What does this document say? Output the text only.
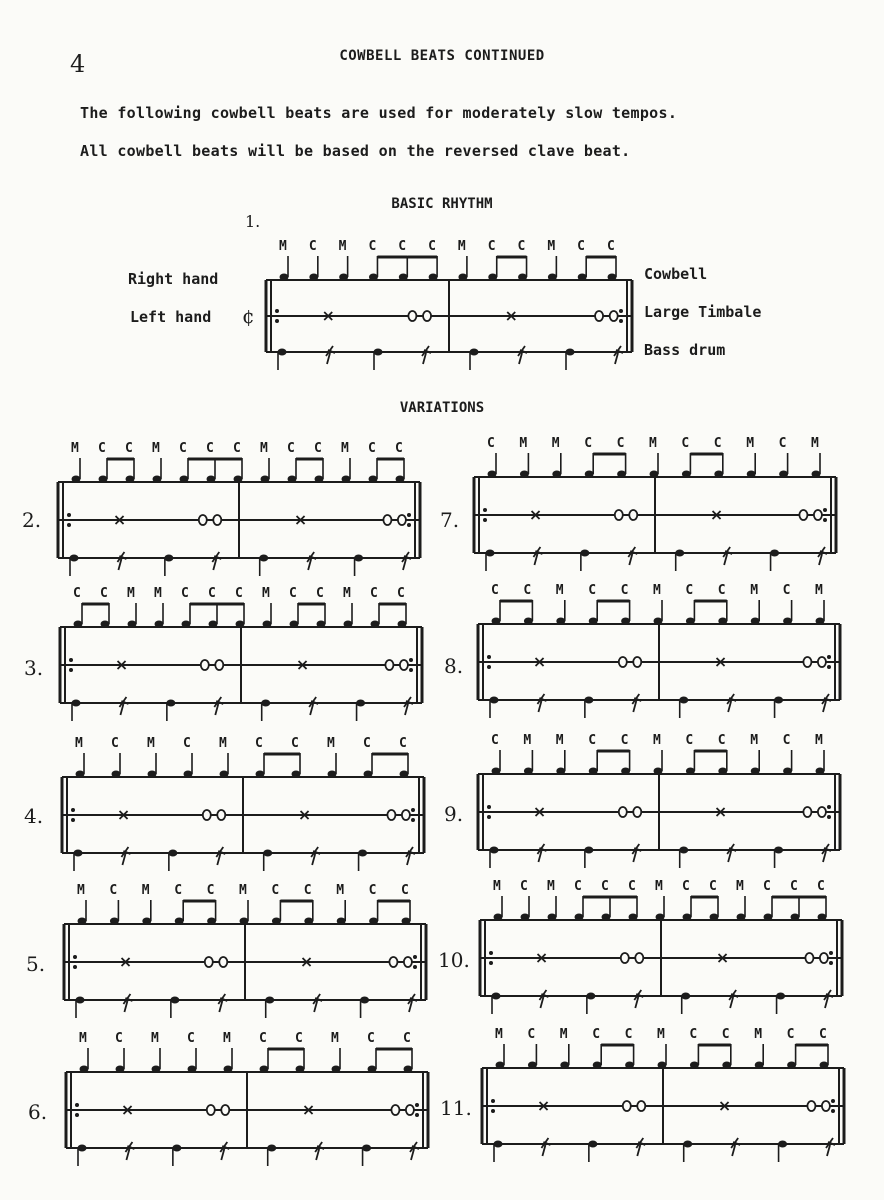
4	COWBELL BEATS CONTINUED
The following cowbell beats are used for moderately slow tempos.
All cowbell beats will be based on the reversed clave beat.
BASIC RHYTHM
1.
Right hand
Left hand
Cowbell
Large Timbale
Bass drum
¢
VARIATIONS
M C M C C C M C C M C C
M C C M C C C M C C M C C
C C M M C C C M C C M C C
M C M C M C C M C C
M C M C C M C C M C C
M C M C M C C M C C
C M M C C M C C M C M
C C M C C M C C M C M
C M M C C M C C M C M
M C M C C C M C C M C C C
M C M C C M C C M C C
2.
3.
4.
5.
6.
7.
8.
9.
10.
11.
